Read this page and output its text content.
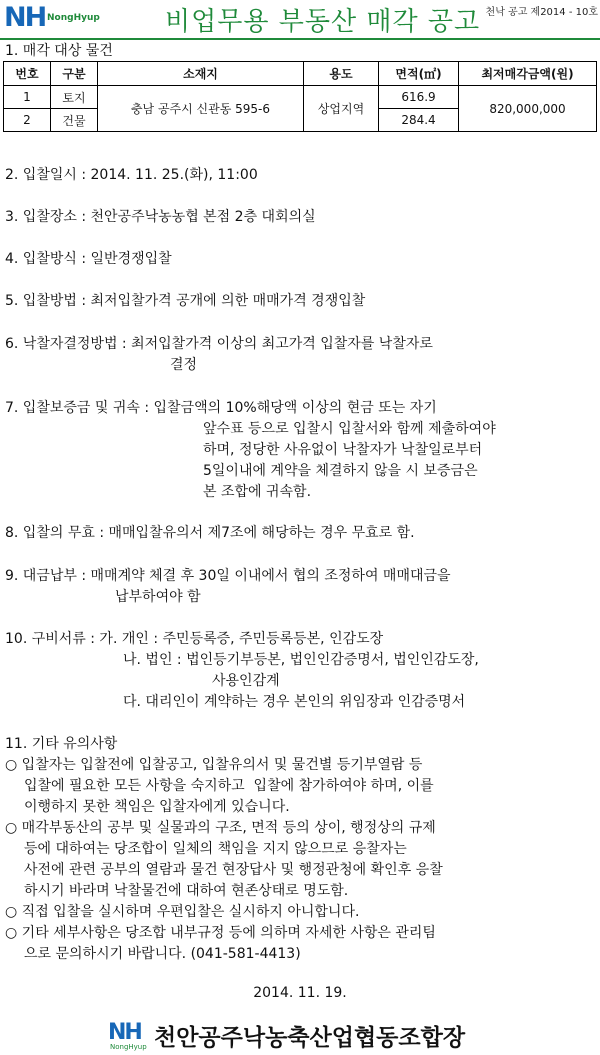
NH NongHyup	비업무용 부동산 매각 공고 천낙 공고 제2014 - 10호
1. 매각 대상 물건
번호	구분	소재지	용도	면적(㎡)	최저매각금액(원)
1	토지	충남 공주시 신관동 595-6	상업지역	616.9	820,000,000
2	건물			284.4	
2. 입찰일시 : 2014. 11. 25.(화), 11:00
3. 입찰장소 : 천안공주낙농농협 본점 2층 대회의실
4. 입찰방식 : 일반경쟁입찰
5. 입찰방법 : 최저입찰가격 공개에 의한 매매가격 경쟁입찰
6. 낙찰자결정방법 : 최저입찰가격 이상의 최고가격 입찰자를 낙찰자로
결정
7. 입찰보증금 및 귀속 : 입찰금액의 10%해당액 이상의 현금 또는 자기
앞수표 등으로 입찰시 입찰서와 함께 제출하여야
하며, 정당한 사유없이 낙찰자가 낙찰일로부터
5일이내에 계약을 체결하지 않을 시 보증금은
본 조합에 귀속함.
8. 입찰의 무효 : 매매입찰유의서 제7조에 해당하는 경우 무효로 함.
9. 대금납부 : 매매계약 체결 후 30일 이내에서 협의 조정하여 매매대금을
납부하여야 함
10. 구비서류 : 가. 개인 : 주민등록증, 주민등록등본, 인감도장
나. 법인 : 법인등기부등본, 법인인감증명서, 법인인감도장,
사용인감계
다. 대리인이 계약하는 경우 본인의 위임장과 인감증명서
11. 기타 유의사항
○ 입찰자는 입찰전에 입찰공고, 입찰유의서 및 물건별 등기부열람 등
입찰에 필요한 모든 사항을 숙지하고  입찰에 참가하여야 하며, 이를
이행하지 못한 책임은 입찰자에게 있습니다.
○ 매각부동산의 공부 및 실물과의 구조, 면적 등의 상이, 행정상의 규제
등에 대하여는 당조합이 일체의 책임을 지지 않으므로 응찰자는
사전에 관련 공부의 열람과 물건 현장답사 및 행정관청에 확인후 응찰
하시기 바라며 낙찰물건에 대하여 현존상태로 명도함.
○ 직접 입찰을 실시하며 우편입찰은 실시하지 아니합니다.
○ 기타 세부사항은 당조합 내부규정 등에 의하며 자세한 사항은 관리팀
으로 문의하시기 바랍니다. (041-581-4413)
2014. 11. 19.
NH
NongHyup 천안공주낙농축산업협동조합장
